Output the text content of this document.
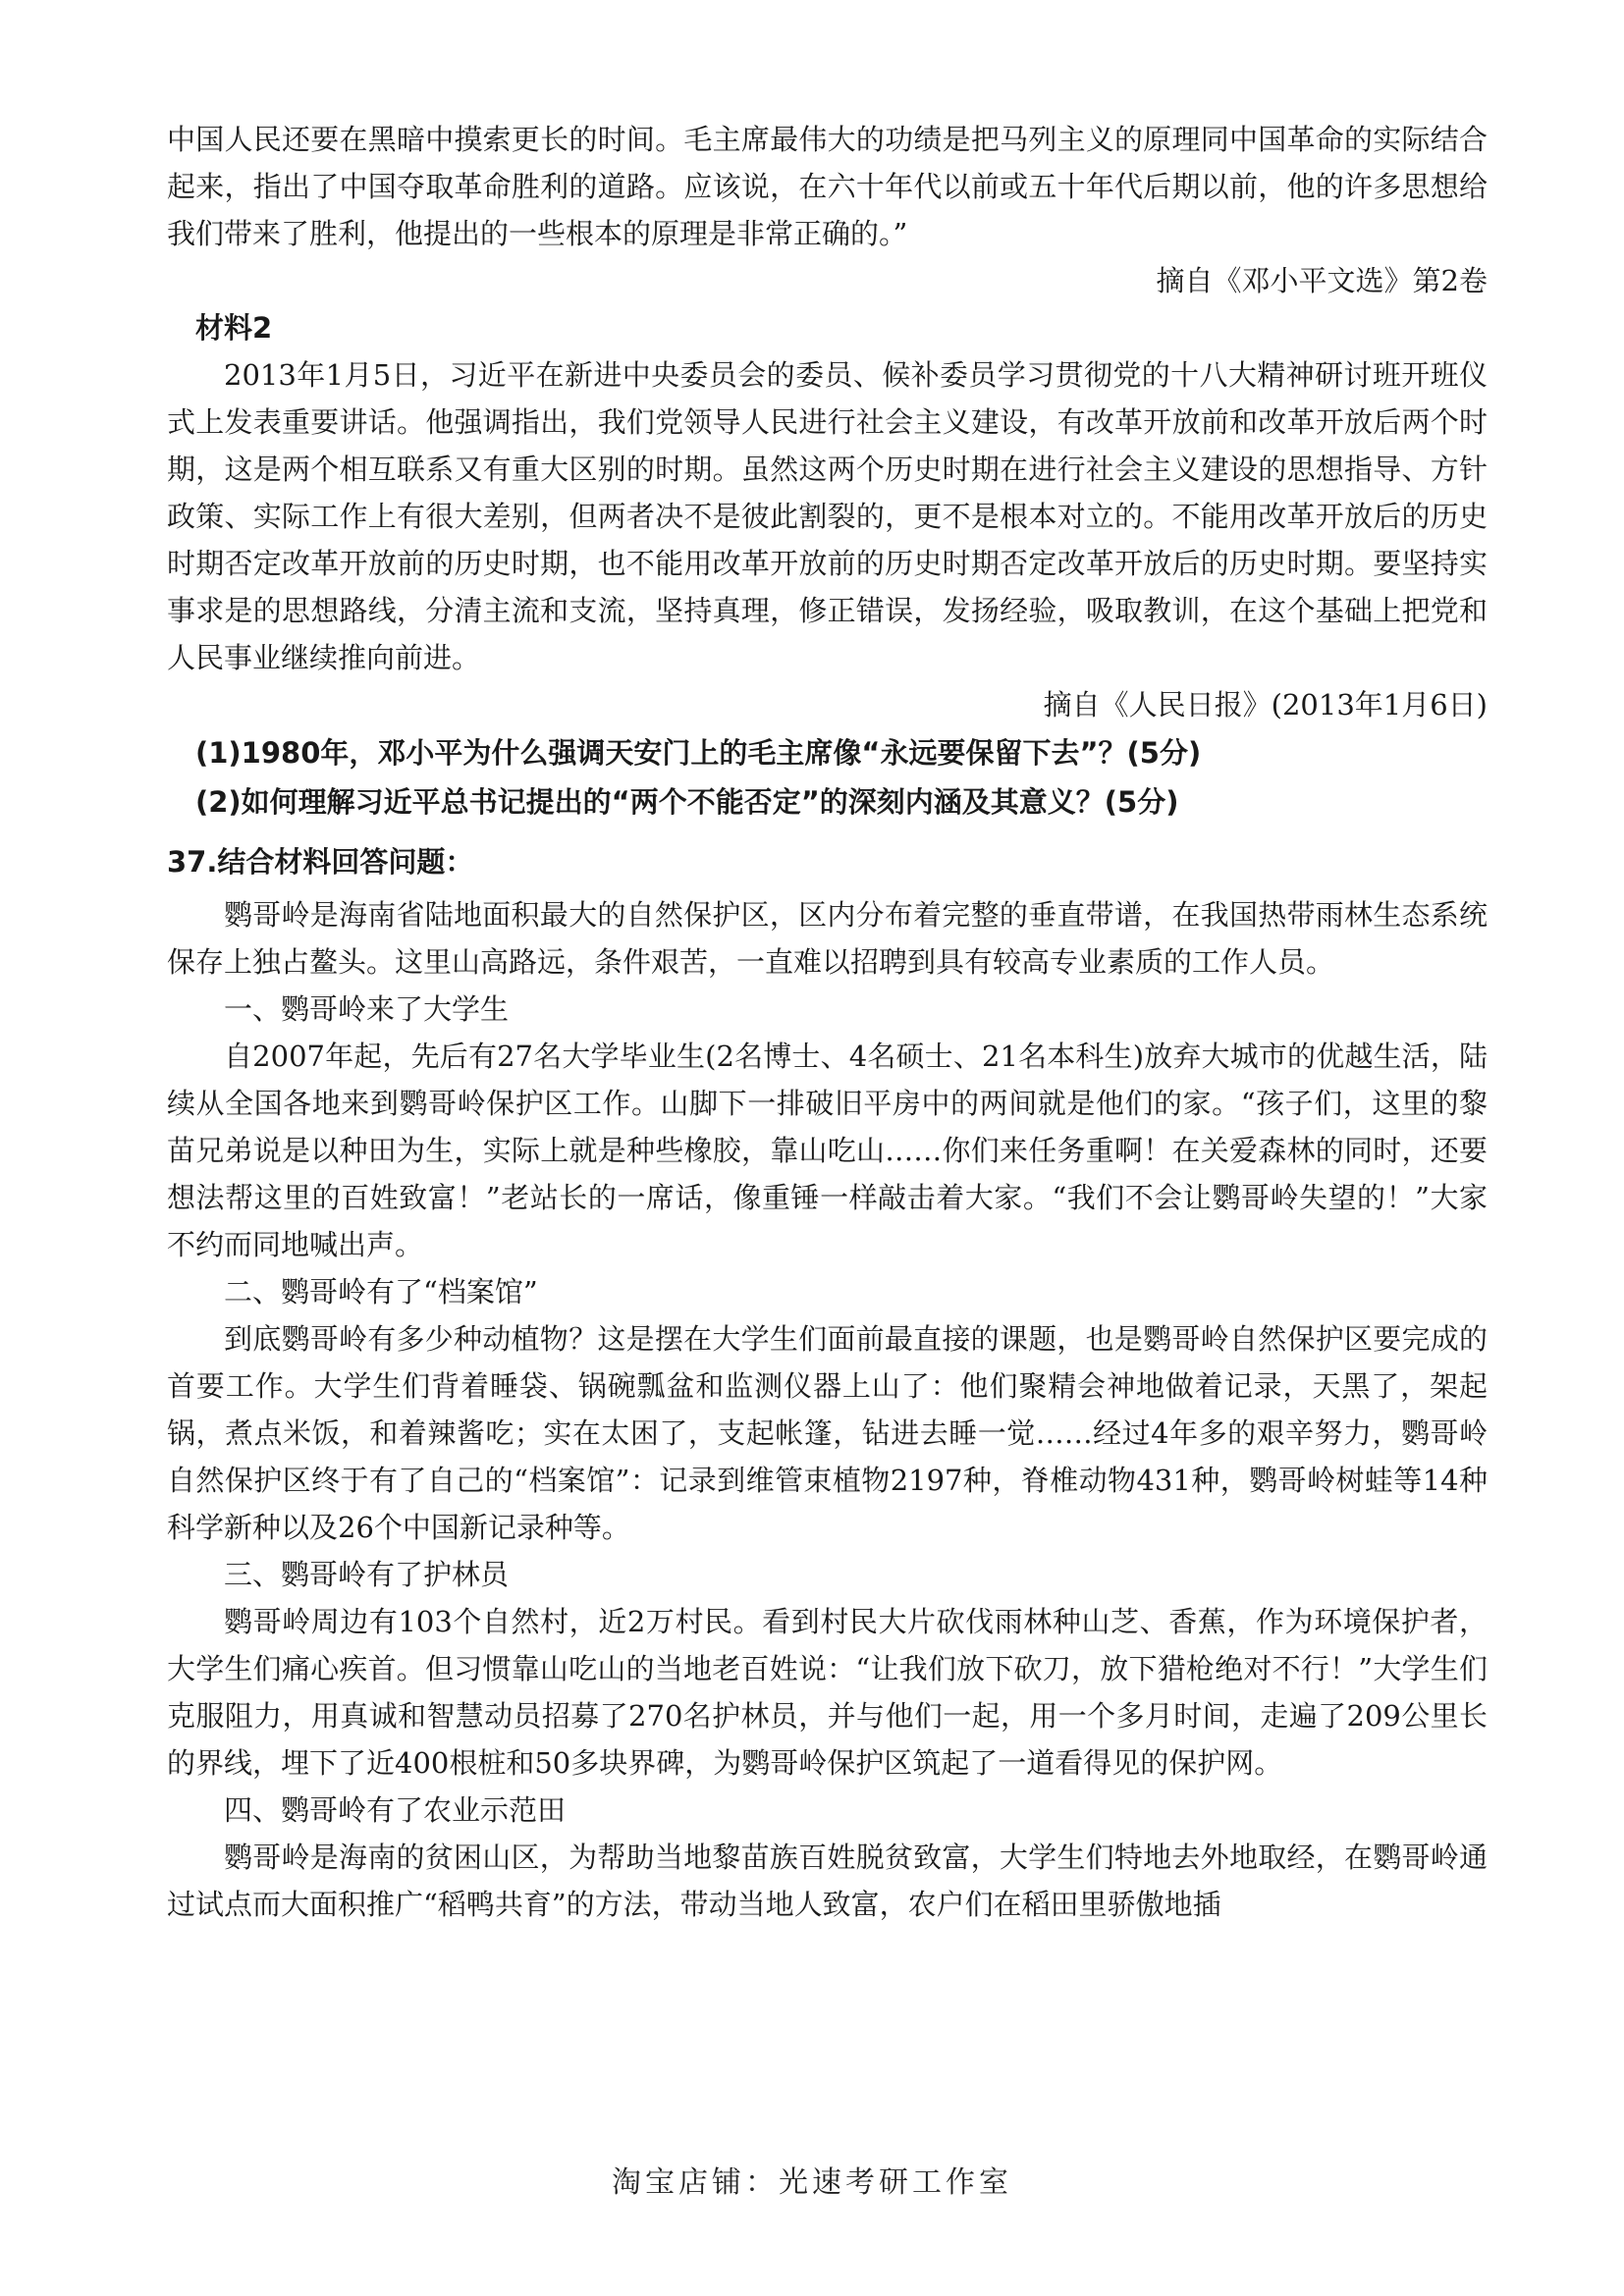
中国人民还要在黑暗中摸索更长的时间。毛主席最伟大的功绩是把马列主义的原理同中国革命的实际结合起来，指出了中国夺取革命胜利的道路。应该说，在六十年代以前或五十年代后期以前，他的许多思想给我们带来了胜利，他提出的一些根本的原理是非常正确的。”

摘自《邓小平文选》第2卷

材料2

2013年1月5日，习近平在新进中央委员会的委员、候补委员学习贯彻党的十八大精神研讨班开班仪式上发表重要讲话。他强调指出，我们党领导人民进行社会主义建设，有改革开放前和改革开放后两个时期，这是两个相互联系又有重大区别的时期。虽然这两个历史时期在进行社会主义建设的思想指导、方针政策、实际工作上有很大差别，但两者决不是彼此割裂的，更不是根本对立的。不能用改革开放后的历史时期否定改革开放前的历史时期，也不能用改革开放前的历史时期否定改革开放后的历史时期。要坚持实事求是的思想路线，分清主流和支流，坚持真理，修正错误，发扬经验，吸取教训，在这个基础上把党和人民事业继续推向前进。

摘自《人民日报》(2013年1月6日)

(1)1980年，邓小平为什么强调天安门上的毛主席像“永远要保留下去”？(5分)

(2)如何理解习近平总书记提出的“两个不能否定”的深刻内涵及其意义？(5分)

37.结合材料回答问题：

鹦哥岭是海南省陆地面积最大的自然保护区，区内分布着完整的垂直带谱，在我国热带雨林生态系统保存上独占鳌头。这里山高路远，条件艰苦，一直难以招聘到具有较高专业素质的工作人员。

一、鹦哥岭来了大学生

自2007年起，先后有27名大学毕业生(2名博士、4名硕士、21名本科生)放弃大城市的优越生活，陆续从全国各地来到鹦哥岭保护区工作。山脚下一排破旧平房中的两间就是他们的家。“孩子们，这里的黎苗兄弟说是以种田为生，实际上就是种些橡胶，靠山吃山……你们来任务重啊！在关爱森林的同时，还要想法帮这里的百姓致富！”老站长的一席话，像重锤一样敲击着大家。“我们不会让鹦哥岭失望的！”大家不约而同地喊出声。

二、鹦哥岭有了“档案馆”

到底鹦哥岭有多少种动植物？这是摆在大学生们面前最直接的课题，也是鹦哥岭自然保护区要完成的首要工作。大学生们背着睡袋、锅碗瓢盆和监测仪器上山了：他们聚精会神地做着记录，天黑了，架起锅，煮点米饭，和着辣酱吃；实在太困了，支起帐篷，钻进去睡一觉……经过4年多的艰辛努力，鹦哥岭自然保护区终于有了自己的“档案馆”：记录到维管束植物2197种，脊椎动物431种，鹦哥岭树蛙等14种科学新种以及26个中国新记录种等。

三、鹦哥岭有了护林员

鹦哥岭周边有103个自然村，近2万村民。看到村民大片砍伐雨林种山芝、香蕉，作为环境保护者，大学生们痛心疾首。但习惯靠山吃山的当地老百姓说：“让我们放下砍刀，放下猎枪绝对不行！”大学生们克服阻力，用真诚和智慧动员招募了270名护林员，并与他们一起，用一个多月时间，走遍了209公里长的界线，埋下了近400根桩和50多块界碑，为鹦哥岭保护区筑起了一道看得见的保护网。

四、鹦哥岭有了农业示范田

鹦哥岭是海南的贫困山区，为帮助当地黎苗族百姓脱贫致富，大学生们特地去外地取经，在鹦哥岭通过试点而大面积推广“稻鸭共育”的方法，带动当地人致富，农户们在稻田里骄傲地插

淘宝店铺：光速考研工作室
